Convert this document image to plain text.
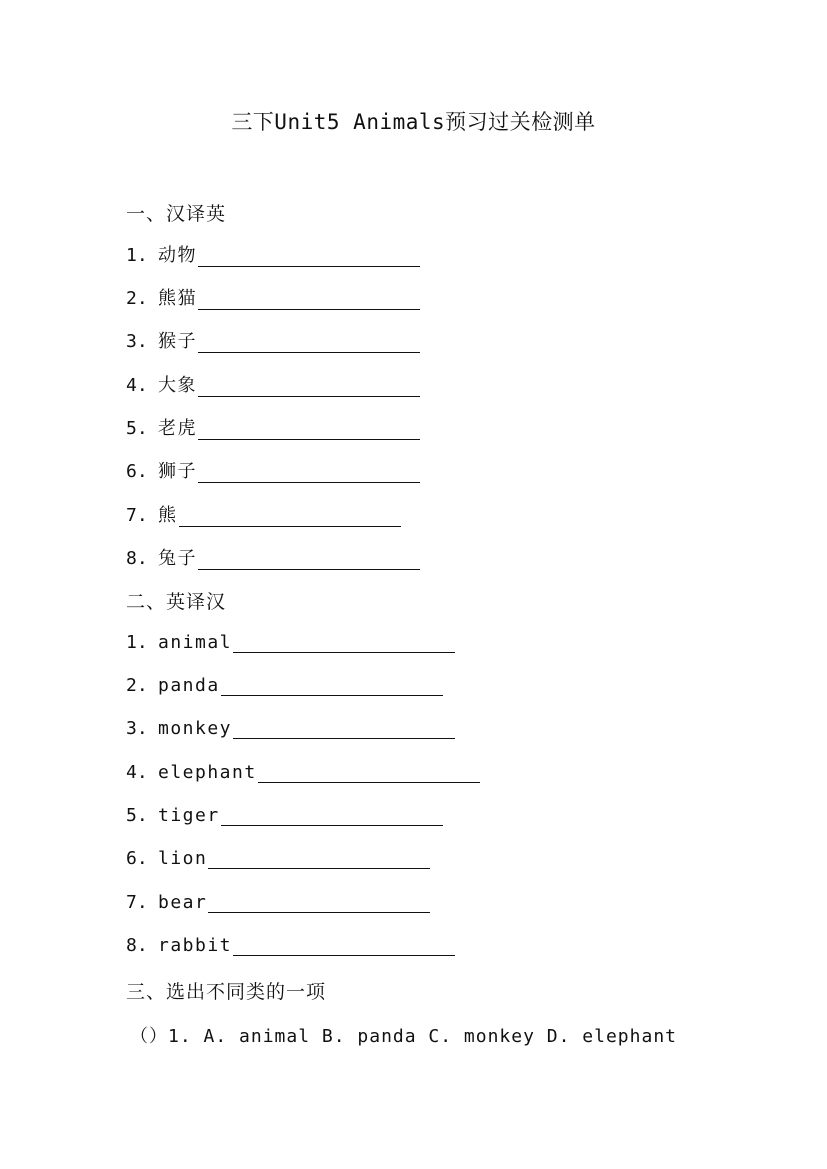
三下Unit5 Animals预习过关检测单
一、汉译英
1. 动物
2. 熊猫
3. 猴子
4. 大象
5. 老虎
6. 狮子
7. 熊
8. 兔子
二、英译汉
1. animal
2. panda
3. monkey
4. elephant
5. tiger
6. lion
7. bear
8. rabbit
三、选出不同类的一项
（）1. A. animal B. panda C. monkey D. elephant
